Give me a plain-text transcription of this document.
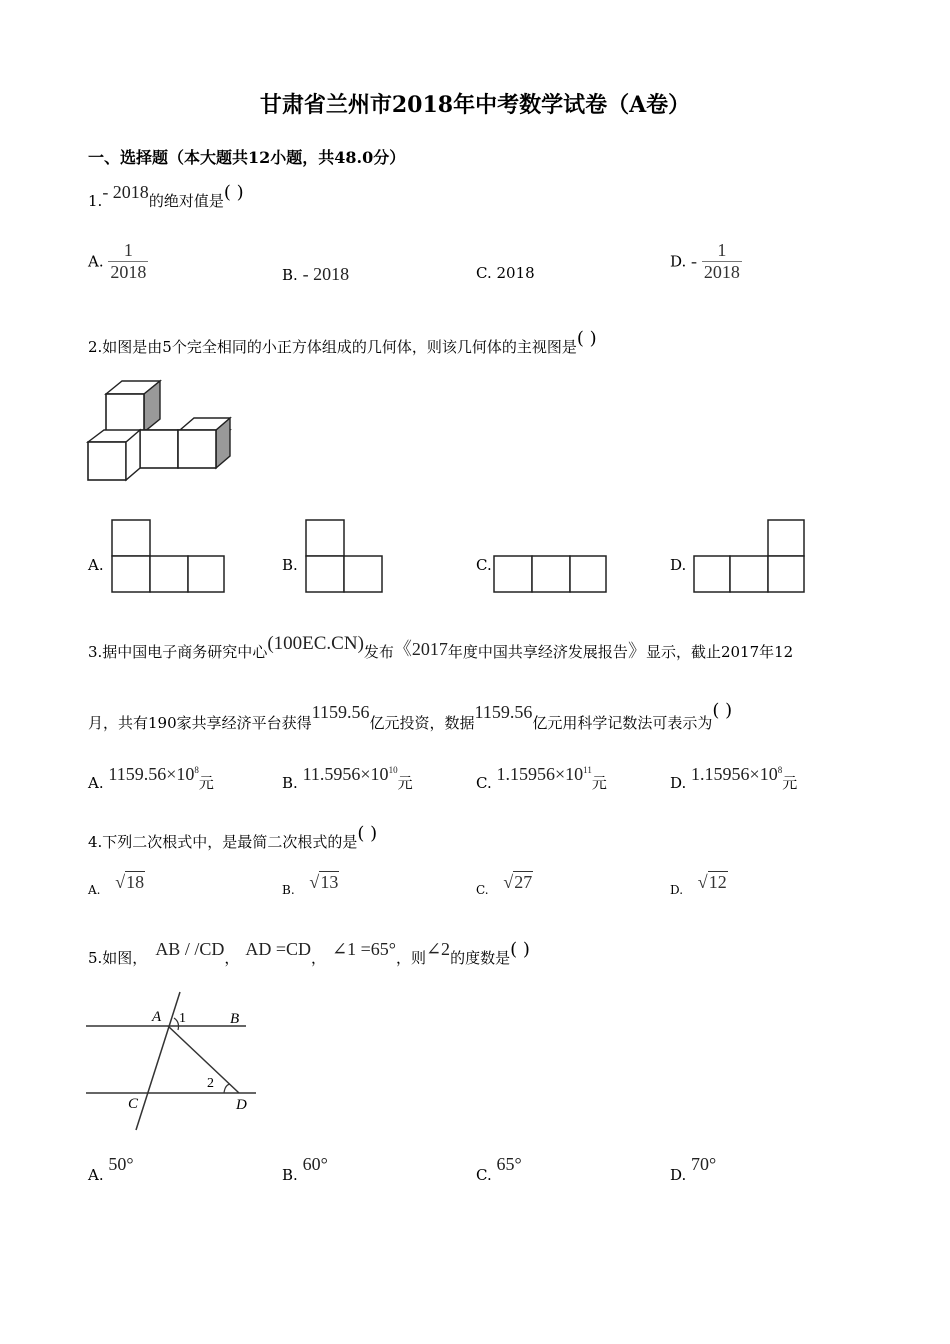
甘肃省兰州市2018年中考数学试卷（A卷）
一、选择题（本大题共12小题，共48.0分）
1.- 2018的绝对值是( )
A. $\frac{1}{2018}$	B. - 2018	C. 2018
D. - $\frac{1}{2018}$
2.如图是由5个完全相同的小正方体组成的几何体，则该几何体的主视图是( )
A.	B.	C.	D.
3.据中国电子商务研究中心(100EC.CN)发布《2017年度中国共享经济发展报告》显示，截止2017年12
月，共有190家共享经济平台获得1159.56亿元投资，数据1159.56亿元用科学记数法可表示为( )
A. $1159.56\times 10^8$元	B. $11.5956\times 10^{10}$元	C. $1.15956\times 10^{11}$元	D. $1.15956\times 10^8$元
4.下列二次根式中，是最简二次根式的是( )
A. √18	B. √13	C. √27	D. √12
5.如图， AB / /CD， AD =CD， ∠1 =65°，则∠2的度数是( )
A 1	B
2
C	D
A. 50°
B. 60°
C. 65°
D. 70°
